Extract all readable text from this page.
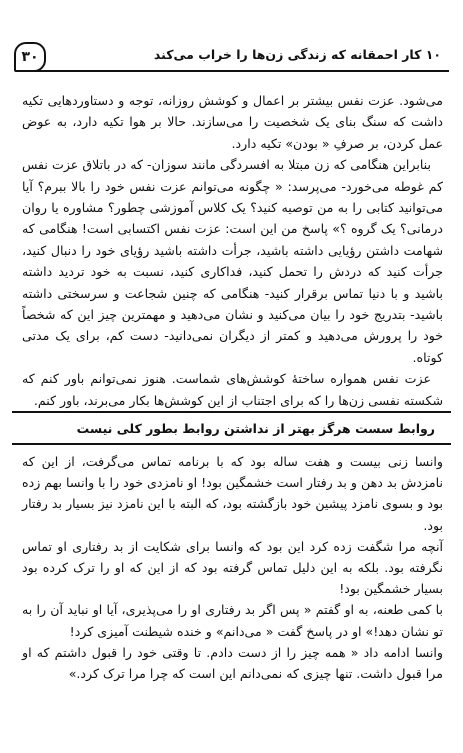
۱۰ کار احمقانه که زندگی زن‌ها را خراب می‌کند
۳۰

می‌شود. عزت نفس بیشتر بر اعمال و کوشش روزانه، توجه و دستاوردهایی تکیه داشت که سنگ بنای یک شخصیت را می‌سازند. حالا بر هوا تکیه دارد، به عوض عمل کردن، بر صرفِ « بودن» تکیه دارد.

بنابراین هنگامی که زن مبتلا به افسردگی مانند سوزان- که در باتلاق عزت نفس کم غوطه می‌خورد- می‌پرسد: « چگونه می‌توانم عزت نفس خود را بالا ببرم؟ آیا می‌توانید کتابی را به من توصیه کنید؟ یک کلاس آموزشی چطور؟ مشاوره یا روان درمانی؟ یک گروه ؟» پاسخ من این است: عزت نفس اکتسابی است! هنگامی که شهامت داشتن رؤیایی داشته باشید، جرأت داشته باشید رؤیای خود را دنبال کنید، جرأت کنید که دردش را تحمل کنید، فداکاری کنید، نسبت به خود تردید داشته باشید و با دنیا تماس برقرار کنید- هنگامی که چنین شجاعت و سرسختی داشته باشید- بتدریج خود را بیان می‌کنید و نشان می‌دهید و مهمترین چیز این که شخصاً خود را پرورش می‌دهید و کمتر از دیگران نمی‌دانید- دست کم، برای یک مدتی کوتاه.

عزت نفس همواره ساختهٔ کوشش‌های شماست. هنوز نمی‌توانم باور کنم که شکسته نفسی زن‌ها را که برای اجتناب از این کوشش‌ها بکار می‌برند، باور کنم.

روابط سست هرگز بهتر از نداشتن روابط بطور کلی نیست

وانسا زنی بیست و هفت ساله بود که با برنامه تماس می‌گرفت، از این که نامزدش بد دهن و بد رفتار است خشمگین بود! او نامزدی خود را با وانسا بهم زده بود و بسوی نامزد پیشین خود بازگشته بود، که البته با این نامزد نیز بسیار بد رفتار بود.

آنچه مرا شگفت زده کرد این بود که وانسا برای شکایت از بد رفتاری او تماس نگرفته بود. بلکه به این دلیل تماس گرفته بود که از این که او را ترک کرده بود بسیار خشمگین بود!

با کمی طعنه، به او گفتم « پس اگر بد رفتاری او را می‌پذیری، آیا او نباید آن را به تو نشان دهد!» او در پاسخ گفت « می‌دانم» و خنده شیطنت آمیزی کرد!

وانسا ادامه داد « همه چیز را از دست دادم. تا وقتی خود را قبول داشتم که او مرا قبول داشت. تنها چیزی که نمی‌دانم این است که چرا مرا ترک کرد.»
